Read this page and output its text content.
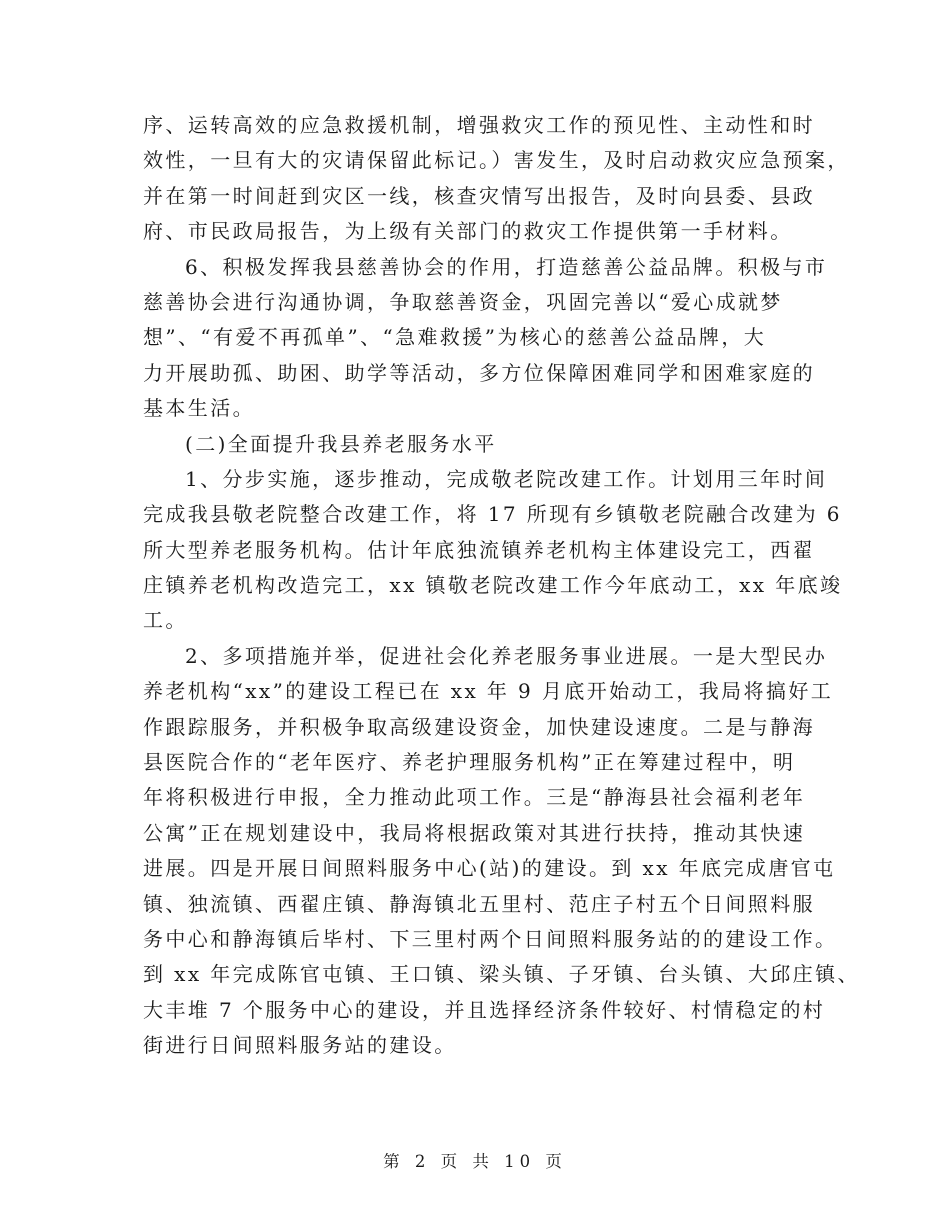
序、运转高效的应急救援机制，增强救灾工作的预见性、主动性和时
效性，一旦有大的灾请保留此标记。）害发生，及时启动救灾应急预案，
并在第一时间赶到灾区一线，核查灾情写出报告，及时向县委、县政
府、市民政局报告，为上级有关部门的救灾工作提供第一手材料。
6、积极发挥我县慈善协会的作用，打造慈善公益品牌。积极与市
慈善协会进行沟通协调，争取慈善资金，巩固完善以“爱心成就梦
想”、“有爱不再孤单”、“急难救援”为核心的慈善公益品牌，大
力开展助孤、助困、助学等活动，多方位保障困难同学和困难家庭的
基本生活。
(二)全面提升我县养老服务水平
1、分步实施，逐步推动，完成敬老院改建工作。计划用三年时间
完成我县敬老院整合改建工作，将 17 所现有乡镇敬老院融合改建为 6
所大型养老服务机构。估计年底独流镇养老机构主体建设完工，西翟
庄镇养老机构改造完工，xx 镇敬老院改建工作今年底动工，xx 年底竣
工。
2、多项措施并举，促进社会化养老服务事业进展。一是大型民办
养老机构“xx”的建设工程已在 xx 年 9 月底开始动工，我局将搞好工
作跟踪服务，并积极争取高级建设资金，加快建设速度。二是与静海
县医院合作的“老年医疗、养老护理服务机构”正在筹建过程中，明
年将积极进行申报，全力推动此项工作。三是“静海县社会福利老年
公寓”正在规划建设中，我局将根据政策对其进行扶持，推动其快速
进展。四是开展日间照料服务中心(站)的建设。到 xx 年底完成唐官屯
镇、独流镇、西翟庄镇、静海镇北五里村、范庄子村五个日间照料服
务中心和静海镇后毕村、下三里村两个日间照料服务站的的建设工作。
到 xx 年完成陈官屯镇、王口镇、梁头镇、子牙镇、台头镇、大邱庄镇、
大丰堆 7 个服务中心的建设，并且选择经济条件较好、村情稳定的村
街进行日间照料服务站的建设。
第 2 页 共 10 页
